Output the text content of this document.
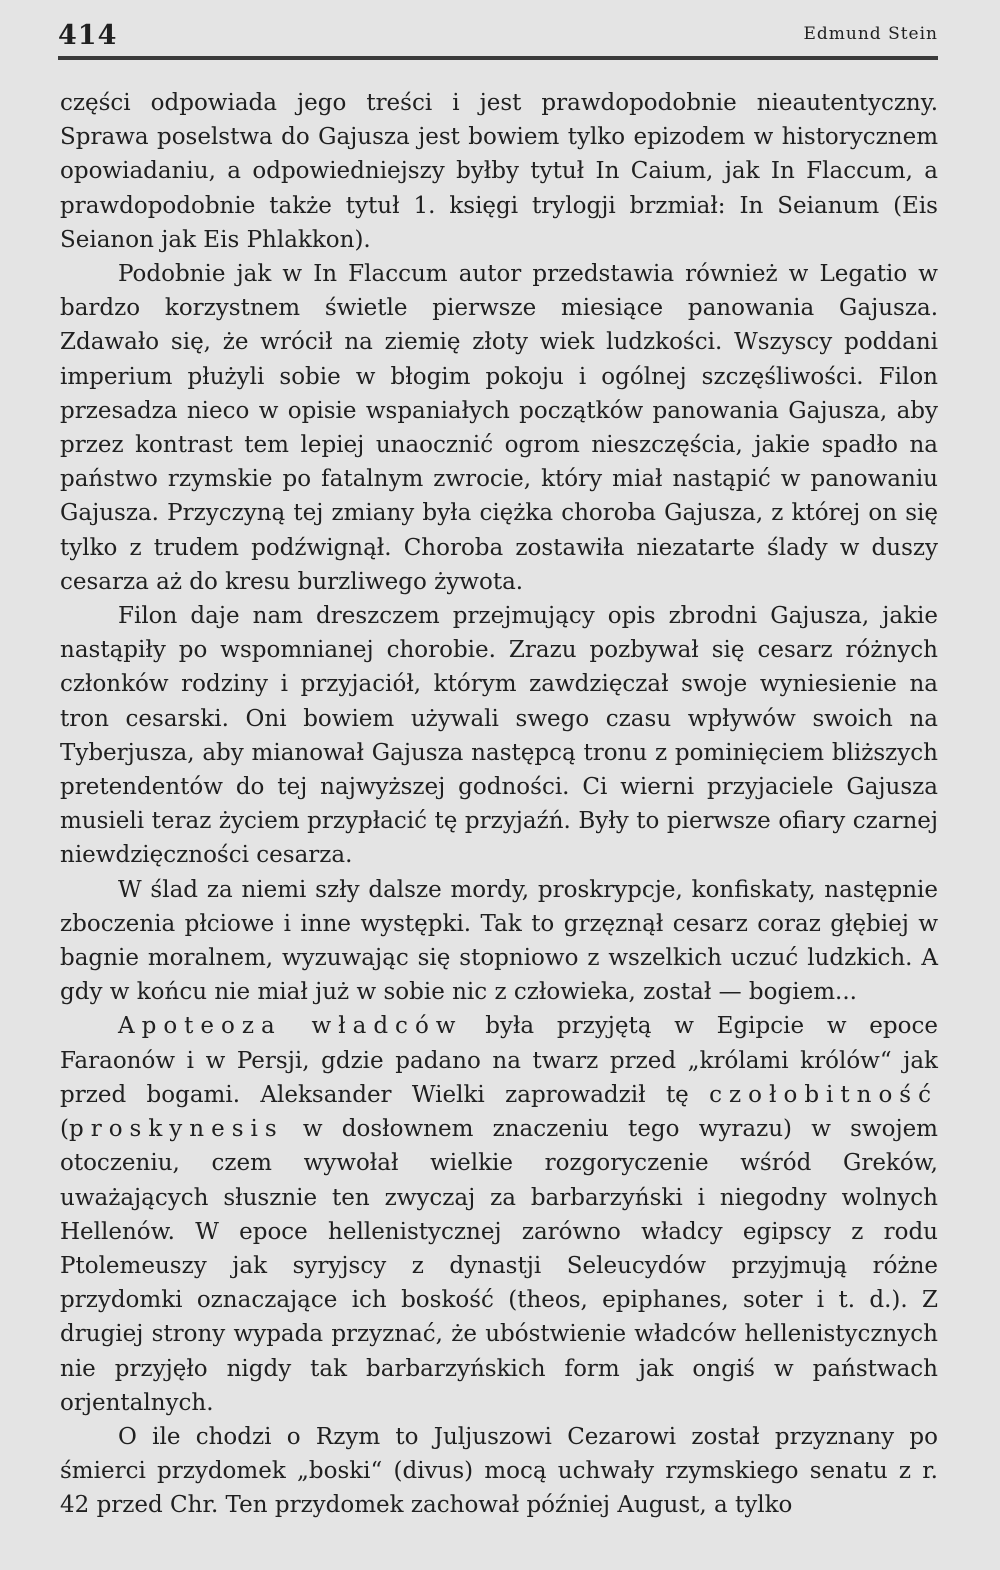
414	Edmund Stein

części odpowiada jego treści i jest prawdopodobnie nieautentyczny. Sprawa poselstwa do Gajusza jest bowiem tylko epizodem w historycznem opowiadaniu, a odpowiedniejszy byłby tytuł In Caium, jak In Flaccum, a prawdopodobnie także tytuł 1. księgi trylogji brzmiał: In Seianum (Eis Seianon jak Eis Phlakkon).

Podobnie jak w In Flaccum autor przedstawia również w Legatio w bardzo korzystnem świetle pierwsze miesiące panowania Gajusza. Zdawało się, że wrócił na ziemię złoty wiek ludzkości. Wszyscy poddani imperium płużyli sobie w błogim pokoju i ogólnej szczęśliwości. Filon przesadza nieco w opisie wspaniałych początków panowania Gajusza, aby przez kontrast tem lepiej unaocznić ogrom nieszczęścia, jakie spadło na państwo rzymskie po fatalnym zwrocie, który miał nastąpić w panowaniu Gajusza. Przyczyną tej zmiany była ciężka choroba Gajusza, z której on się tylko z trudem podźwignął. Choroba zostawiła niezatarte ślady w duszy cesarza aż do kresu burzliwego żywota.

Filon daje nam dreszczem przejmujący opis zbrodni Gajusza, jakie nastąpiły po wspomnianej chorobie. Zrazu pozbywał się cesarz różnych członków rodziny i przyjaciół, którym zawdzięczał swoje wyniesienie na tron cesarski. Oni bowiem używali swego czasu wpływów swoich na Tyberjusza, aby mianował Gajusza następcą tronu z pominięciem bliższych pretendentów do tej najwyższej godności. Ci wierni przyjaciele Gajusza musieli teraz życiem przypłacić tę przyjaźń. Były to pierwsze ofiary czarnej niewdzięczności cesarza.

W ślad za niemi szły dalsze mordy, proskrypcje, konfiskaty, następnie zboczenia płciowe i inne występki. Tak to grzęznął cesarz coraz głębiej w bagnie moralnem, wyzuwając się stopniowo z wszelkich uczuć ludzkich. A gdy w końcu nie miał już w sobie nic z człowieka, został — bogiem...

Apoteoza władców była przyjętą w Egipcie w epoce Faraonów i w Persji, gdzie padano na twarz przed „królami królów“ jak przed bogami. Aleksander Wielki zaprowadził tę czołobitność (proskynesis w dosłownem znaczeniu tego wyrazu) w swojem otoczeniu, czem wywołał wielkie rozgoryczenie wśród Greków, uważających słusznie ten zwyczaj za barbarzyński i niegodny wolnych Hellenów. W epoce hellenistycznej zarówno władcy egipscy z rodu Ptolemeuszy jak syryjscy z dynastji Seleucydów przyjmują różne przydomki oznaczające ich boskość (theos, epiphanes, soter i t. d.). Z drugiej strony wypada przyznać, że ubóstwienie władców hellenistycznych nie przyjęło nigdy tak barbarzyńskich form jak ongiś w państwach orjentalnych.

O ile chodzi o Rzym to Juljuszowi Cezarowi został przyznany po śmierci przydomek „boski“ (divus) mocą uchwały rzymskiego senatu z r. 42 przed Chr. Ten przydomek zachował później August, a tylko
